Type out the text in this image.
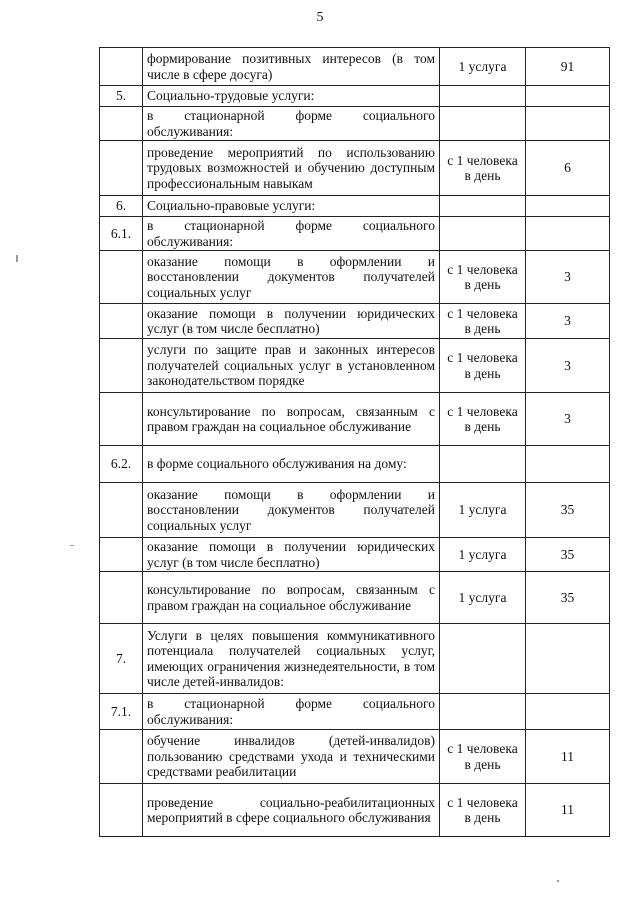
5
	формирование позитивных интересов (в том числе в сфере досуга)	1 услуга	91
5.	Социально-трудовые услуги:		
	в стационарной форме социального обслуживания:		
	проведение мероприятий по использованию трудовых возможностей и обучению доступным профессиональным навыкам	с 1 человека в день	6
6.	Социально-правовые услуги:		
6.1.	в стационарной форме социального обслуживания:		
	оказание помощи в оформлении и восстановлении документов получателей социальных услуг	с 1 человека в день	3
	оказание помощи в получении юридических услуг (в том числе бесплатно)	с 1 человека в день	3
	услуги по защите прав и законных интересов получателей социальных услуг в установленном законодательством порядке	с 1 человека в день	3
	консультирование по вопросам, связанным с правом граждан на социальное обслуживание	с 1 человека в день	3
6.2.	в форме социального обслуживания на дому:		
	оказание помощи в оформлении и восстановлении документов получателей социальных услуг	1 услуга	35
	оказание помощи в получении юридических услуг (в том числе бесплатно)	1 услуга	35
	консультирование по вопросам, связанным с правом граждан на социальное обслуживание	1 услуга	35
7.	Услуги в целях повышения коммуникативного потенциала получателей социальных услуг, имеющих ограничения жизнедеятельности, в том числе детей-инвалидов:		
7.1.	в стационарной форме социального обслуживания:		
	обучение инвалидов (детей-инвалидов) пользованию средствами ухода и техническими средствами реабилитации	с 1 человека в день	11
	проведение социально-реабилитационных мероприятий в сфере социального обслуживания	с 1 человека в день	11
